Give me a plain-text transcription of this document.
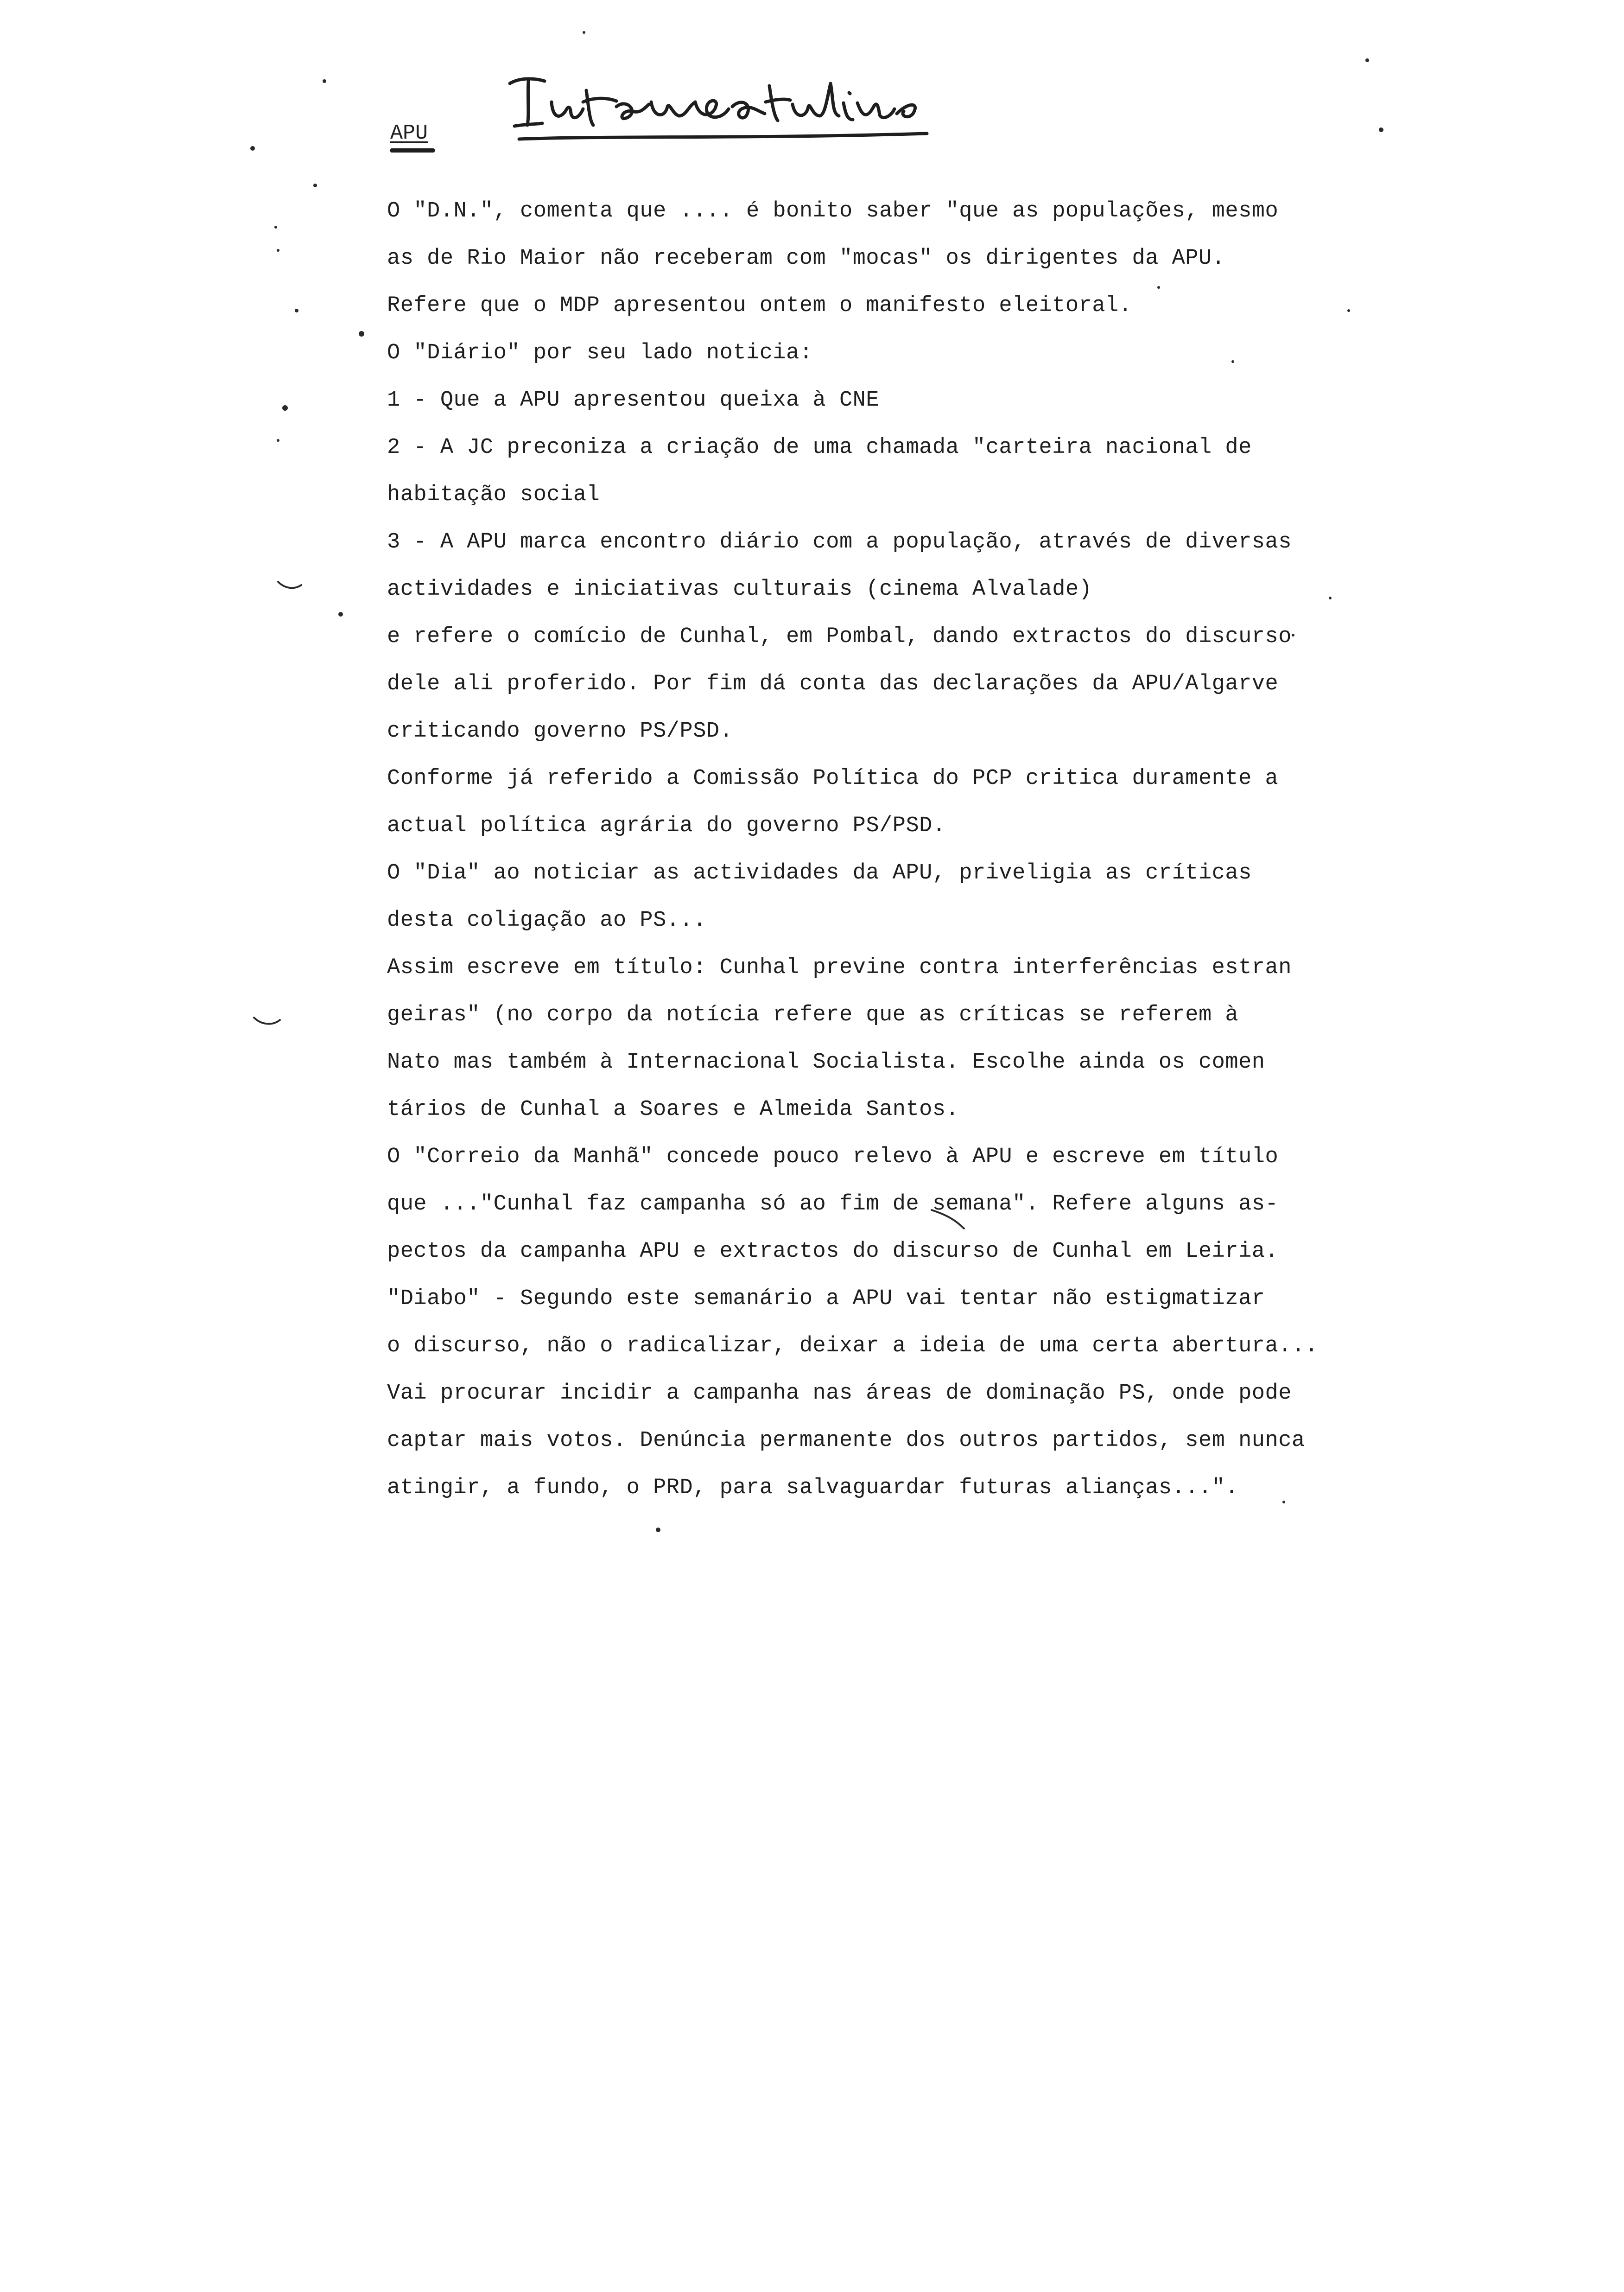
APU
O "D.N.", comenta que .... é bonito saber "que as populações, mesmo
as de Rio Maior não receberam com "mocas" os dirigentes da APU.
Refere que o MDP apresentou ontem o manifesto eleitoral.
O "Diário" por seu lado noticia:
1 - Que a APU apresentou queixa à CNE
2 - A JC preconiza a criação de uma chamada "carteira nacional de
habitação social
3 - A APU marca encontro diário com a população, através de diversas
actividades e iniciativas culturais (cinema Alvalade)
e refere o comício de Cunhal, em Pombal, dando extractos do discurso
dele ali proferido. Por fim dá conta das declarações da APU/Algarve
criticando governo PS/PSD.
Conforme já referido a Comissão Política do PCP critica duramente a
actual política agrária do governo PS/PSD.
O "Dia" ao noticiar as actividades da APU, priveligia as críticas
desta coligação ao PS...
Assim escreve em título: Cunhal previne contra interferências estran
geiras" (no corpo da notícia refere que as críticas se referem à
Nato mas também à Internacional Socialista. Escolhe ainda os comen
tários de Cunhal a Soares e Almeida Santos.
O "Correio da Manhã" concede pouco relevo à APU e escreve em título
que ..."Cunhal faz campanha só ao fim de semana". Refere alguns as-
pectos da campanha APU e extractos do discurso de Cunhal em Leiria.
"Diabo" - Segundo este semanário a APU vai tentar não estigmatizar
o discurso, não o radicalizar, deixar a ideia de uma certa abertura...
Vai procurar incidir a campanha nas áreas de dominação PS, onde pode
captar mais votos. Denúncia permanente dos outros partidos, sem nunca
atingir, a fundo, o PRD, para salvaguardar futuras alianças...".
